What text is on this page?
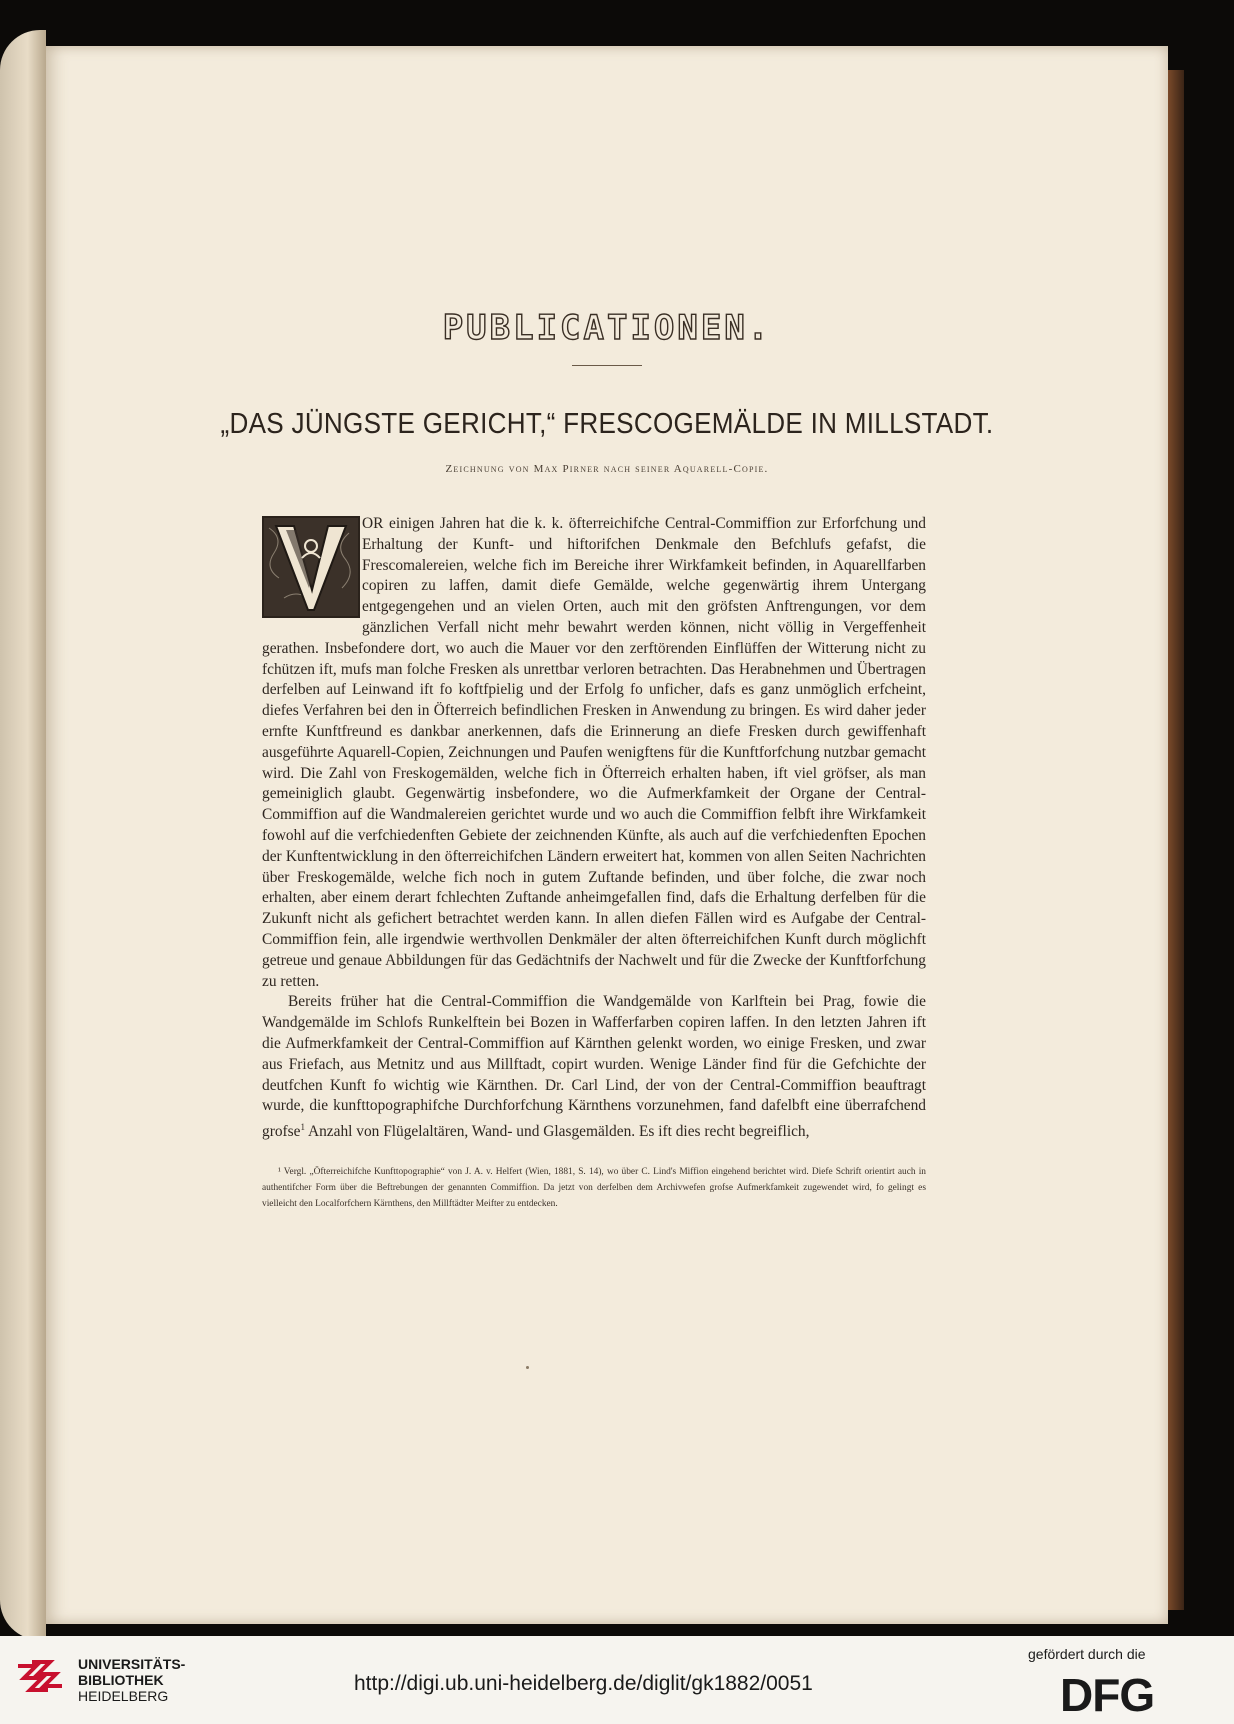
PUBLICATIONEN.
„DAS JÜNGSTE GERICHT,“ FRESCOGEMÄLDE IN MILLSTADT.
Zeichnung von Max Pirner nach seiner Aquarell-Copie.

OR einigen Jahren hat die k. k. öfterreichifche Central-Commiffion zur Erforfchung und Erhaltung der Kunft- und hiftorifchen Denkmale den Befchlufs gefafst, die Frescomalereien, welche fich im Bereiche ihrer Wirkfamkeit befinden, in Aquarellfarben copiren zu laffen, damit diefe Gemälde, welche gegenwärtig ihrem Untergang entgegengehen und an vielen Orten, auch mit den gröfsten Anftrengungen, vor dem gänzlichen Verfall nicht mehr bewahrt werden können, nicht völlig in Vergeffenheit gerathen. Insbefondere dort, wo auch die Mauer vor den zerftörenden Einflüffen der Witterung nicht zu fchützen ift, mufs man folche Fresken als unrettbar verloren betrachten. Das Herabnehmen und Übertragen derfelben auf Leinwand ift fo koftfpielig und der Erfolg fo unficher, dafs es ganz unmöglich erfcheint, diefes Verfahren bei den in Öfterreich befindlichen Fresken in Anwendung zu bringen. Es wird daher jeder ernfte Kunftfreund es dankbar anerkennen, dafs die Erinnerung an diefe Fresken durch gewiffenhaft ausgeführte Aquarell-Copien, Zeichnungen und Paufen wenigftens für die Kunftforfchung nutzbar gemacht wird. Die Zahl von Freskogemälden, welche fich in Öfterreich erhalten haben, ift viel gröfser, als man gemeiniglich glaubt. Gegenwärtig insbefondere, wo die Aufmerkfamkeit der Organe der Central-Commiffion auf die Wandmalereien gerichtet wurde und wo auch die Commiffion felbft ihre Wirkfamkeit fowohl auf die verfchiedenften Gebiete der zeichnenden Künfte, als auch auf die verfchiedenften Epochen der Kunftentwicklung in den öfterreichifchen Ländern erweitert hat, kommen von allen Seiten Nachrichten über Freskogemälde, welche fich noch in gutem Zuftande befinden, und über folche, die zwar noch erhalten, aber einem derart fchlechten Zuftande anheimgefallen find, dafs die Erhaltung derfelben für die Zukunft nicht als gefichert betrachtet werden kann. In allen diefen Fällen wird es Aufgabe der Central-Commiffion fein, alle irgendwie werthvollen Denkmäler der alten öfterreichifchen Kunft durch möglichft getreue und genaue Abbildungen für das Gedächtnifs der Nachwelt und für die Zwecke der Kunftforfchung zu retten.

Bereits früher hat die Central-Commiffion die Wandgemälde von Karlftein bei Prag, fowie die Wandgemälde im Schlofs Runkelftein bei Bozen in Wafferfarben copiren laffen. In den letzten Jahren ift die Aufmerkfamkeit der Central-Commiffion auf Kärnthen gelenkt worden, wo einige Fresken, und zwar aus Friefach, aus Metnitz und aus Millftadt, copirt wurden. Wenige Länder find für die Gefchichte der deutfchen Kunft fo wichtig wie Kärnthen. Dr. Carl Lind, der von der Central-Commiffion beauftragt wurde, die kunfttopographifche Durchforfchung Kärnthens vorzunehmen, fand dafelbft eine überrafchend grofse$^1$ Anzahl von Flügelaltären, Wand- und Glasgemälden. Es ift dies recht begreiflich,

¹ Vergl. „Öfterreichifche Kunfttopographie“ von J. A. v. Helfert (Wien, 1881, S. 14), wo über C. Lind's Miffion eingehend berichtet wird. Diefe Schrift orientirt auch in authentifcher Form über die Beftrebungen der genannten Commiffion. Da jetzt von derfelben dem Archivwefen grofse Aufmerkfamkeit zugewendet wird, fo gelingt es vielleicht den Localforfchern Kärnthens, den Millftädter Meifter zu entdecken.
UNIVERSITÄTS-
BIBLIOTHEK
HEIDELBERG
http://digi.ub.uni-heidelberg.de/diglit/gk1882/0051
gefördert durch die
DFG
